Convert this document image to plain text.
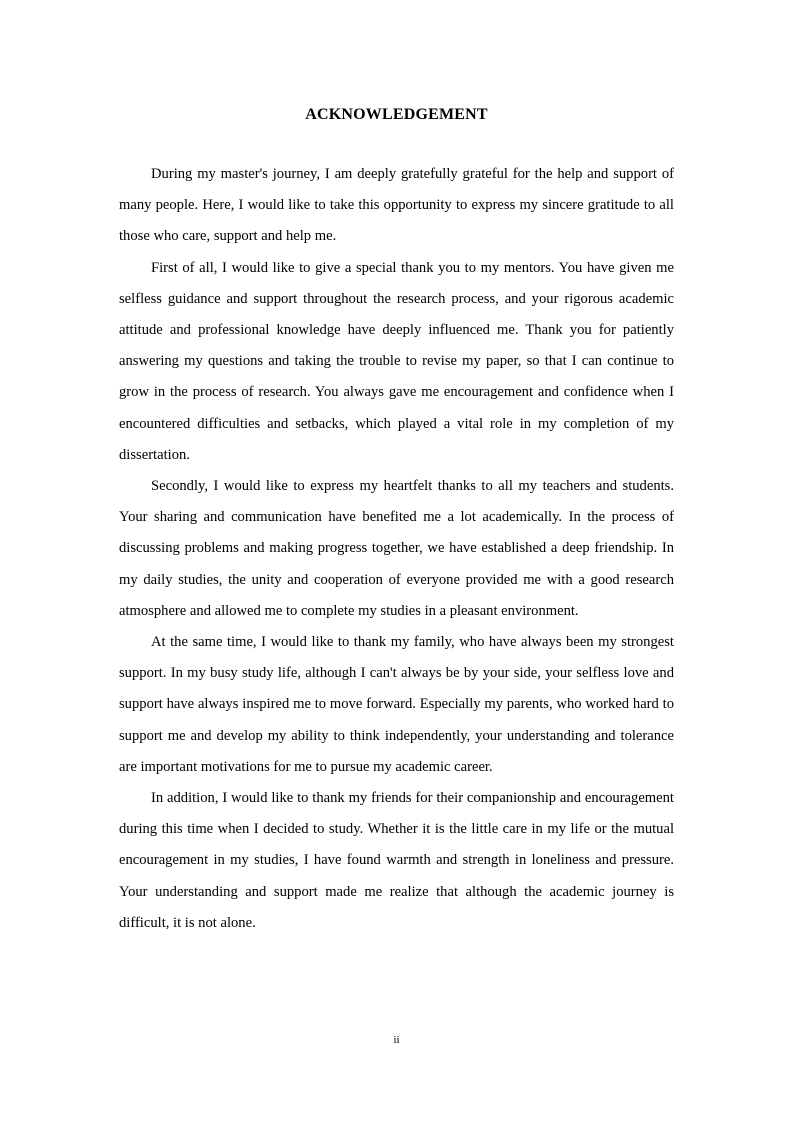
ACKNOWLEDGEMENT

During my master's journey, I am deeply gratefully grateful for the help and support of many people. Here, I would like to take this opportunity to express my sincere gratitude to all those who care, support and help me.

First of all, I would like to give a special thank you to my mentors. You have given me selfless guidance and support throughout the research process, and your rigorous academic attitude and professional knowledge have deeply influenced me. Thank you for patiently answering my questions and taking the trouble to revise my paper, so that I can continue to grow in the process of research. You always gave me encouragement and confidence when I encountered difficulties and setbacks, which played a vital role in my completion of my dissertation.

Secondly, I would like to express my heartfelt thanks to all my teachers and students. Your sharing and communication have benefited me a lot academically. In the process of discussing problems and making progress together, we have established a deep friendship. In my daily studies, the unity and cooperation of everyone provided me with a good research atmosphere and allowed me to complete my studies in a pleasant environment.

At the same time, I would like to thank my family, who have always been my strongest support. In my busy study life, although I can't always be by your side, your selfless love and support have always inspired me to move forward. Especially my parents, who worked hard to support me and develop my ability to think independently, your understanding and tolerance are important motivations for me to pursue my academic career.

In addition, I would like to thank my friends for their companionship and encouragement during this time when I decided to study. Whether it is the little care in my life or the mutual encouragement in my studies, I have found warmth and strength in loneliness and pressure. Your understanding and support made me realize that although the academic journey is difficult, it is not alone.

ii
